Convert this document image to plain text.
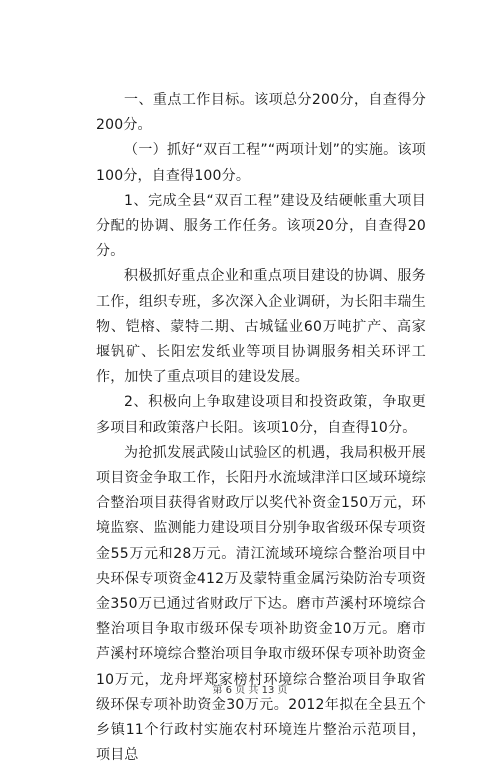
一、重点工作目标。该项总分200分，自查得分200分。

（一）抓好“双百工程”“两项计划”的实施。该项100分，自查得100分。

1、完成全县“双百工程”建设及结硬帐重大项目分配的协调、服务工作任务。该项20分，自查得20分。

积极抓好重点企业和重点项目建设的协调、服务工作，组织专班，多次深入企业调研，为长阳丰瑞生物、铠榕、蒙特二期、古城锰业60万吨扩产、高家堰钒矿、长阳宏发纸业等项目协调服务相关环评工作，加快了重点项目的建设发展。

2、积极向上争取建设项目和投资政策，争取更多项目和政策落户长阳。该项10分，自查得10分。

为抢抓发展武陵山试验区的机遇，我局积极开展项目资金争取工作，长阳丹水流域津洋口区域环境综合整治项目获得省财政厅以奖代补资金150万元，环境监察、监测能力建设项目分别争取省级环保专项资金55万元和28万元。清江流域环境综合整治项目中央环保专项资金412万及蒙特重金属污染防治专项资金350万已通过省财政厅下达。磨市芦溪村环境综合整治项目争取市级环保专项补助资金10万元。磨市芦溪村环境综合整治项目争取市级环保专项补助资金10万元，龙舟坪郑家榜村环境综合整治项目争取省级环保专项补助资金30万元。2012年拟在全县五个乡镇11个行政村实施农村环境连片整治示范项目，项目总

第 6 页 共 13 页
